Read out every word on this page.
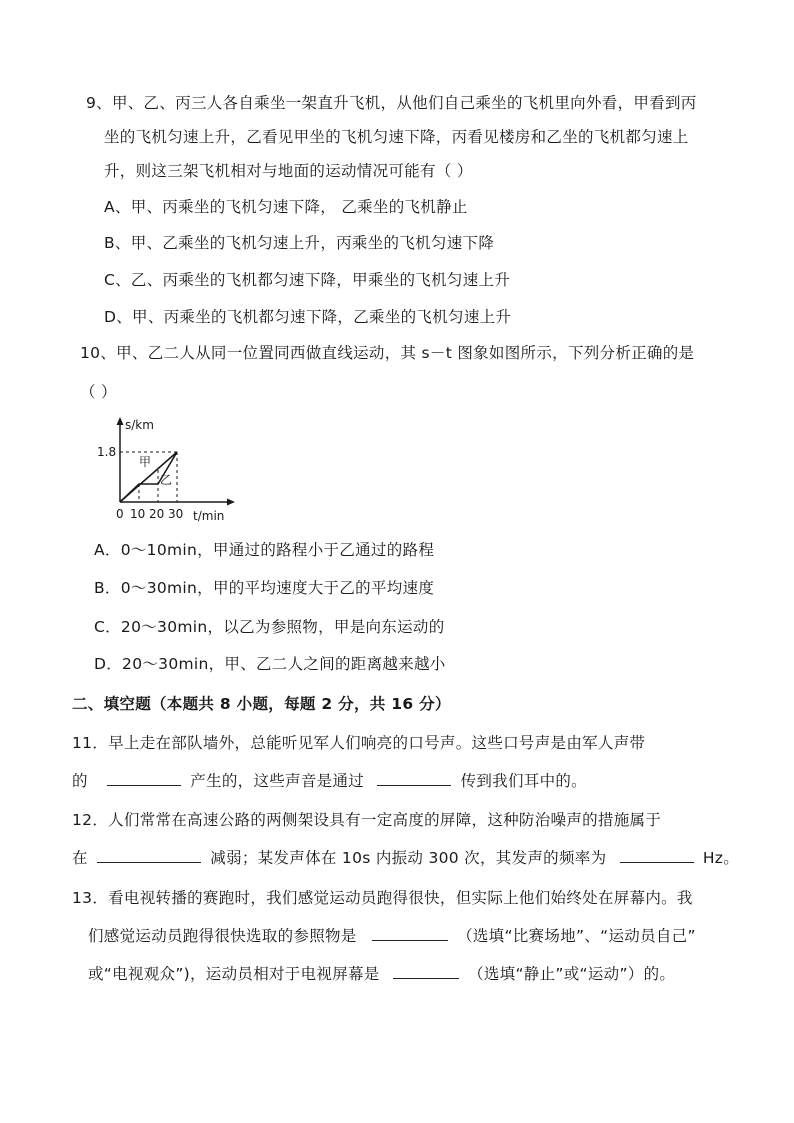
9、甲、乙、丙三人各自乘坐一架直升飞机，从他们自己乘坐的飞机里向外看，甲看到丙
坐的飞机匀速上升，乙看见甲坐的飞机匀速下降，丙看见楼房和乙坐的飞机都匀速上
升，则这三架飞机相对与地面的运动情况可能有（ ）
A、甲、丙乘坐的飞机匀速下降， 乙乘坐的飞机静止
B、甲、乙乘坐的飞机匀速上升，丙乘坐的飞机匀速下降
C、乙、丙乘坐的飞机都匀速下降，甲乘坐的飞机匀速上升
D、甲、丙乘坐的飞机都匀速下降，乙乘坐的飞机匀速上升
10、甲、乙二人从同一位置同西做直线运动，其 s－t 图象如图所示，下列分析正确的是
（ ）
s/km
1.8
甲
乙
0 10 20 30 t/min
A．0～10min，甲通过的路程小于乙通过的路程
B．0～30min，甲的平均速度大于乙的平均速度
C．20～30min，以乙为参照物，甲是向东运动的
D．20～30min，甲、乙二人之间的距离越来越小
二、填空题（本题共 8 小题，每题 2 分，共 16 分）
11．早上走在部队墙外，总能听见军人们响亮的口号声。这些口号声是由军人声带
的	产生的，这些声音是通过	传到我们耳中的。
12．人们常常在高速公路的两侧架设具有一定高度的屏障，这种防治噪声的措施属于
在	减弱；某发声体在 10s 内振动 300 次，其发声的频率为	Hz。
13．看电视转播的赛跑时，我们感觉运动员跑得很快，但实际上他们始终处在屏幕内。我
们感觉运动员跑得很快选取的参照物是	（选填“比赛场地”、“运动员自己”
或“电视观众”)，运动员相对于电视屏幕是	（选填“静止”或“运动”）的。
